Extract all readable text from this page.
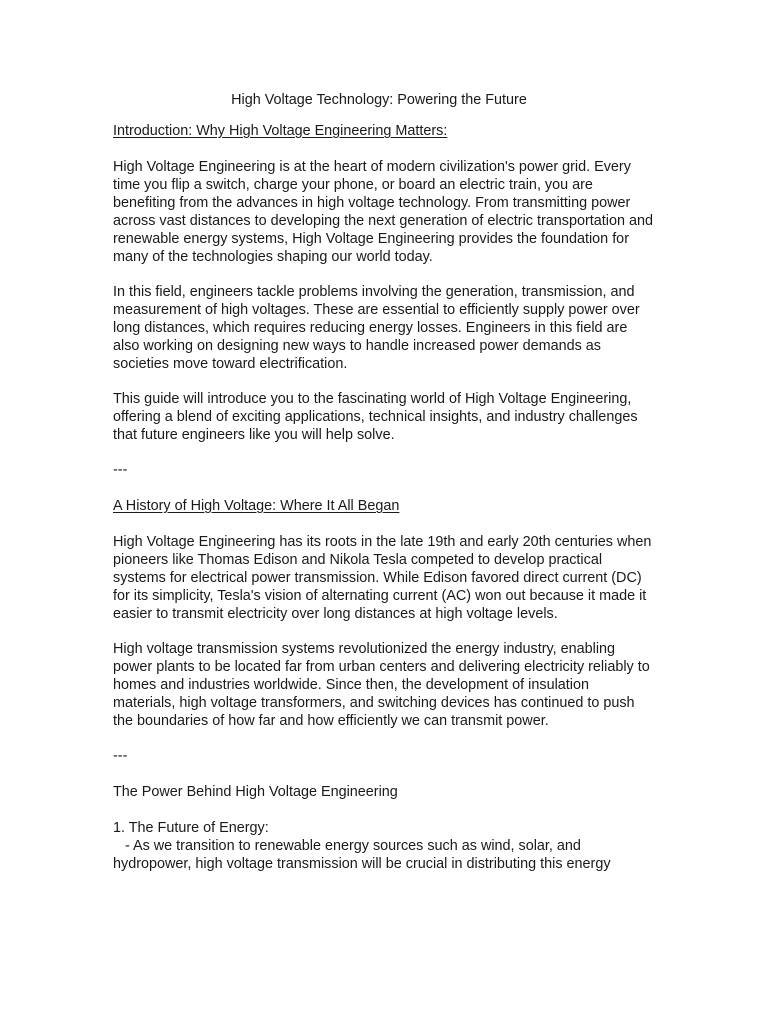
High Voltage Technology: Powering the Future
Introduction: Why High Voltage Engineering Matters:

High Voltage Engineering is at the heart of modern civilization's power grid. Every time you flip a switch, charge your phone, or board an electric train, you are benefiting from the advances in high voltage technology. From transmitting power across vast distances to developing the next generation of electric transportation and renewable energy systems, High Voltage Engineering provides the foundation for many of the technologies shaping our world today.

In this field, engineers tackle problems involving the generation, transmission, and measurement of high voltages. These are essential to efficiently supply power over long distances, which requires reducing energy losses. Engineers in this field are also working on designing new ways to handle increased power demands as societies move toward electrification.

This guide will introduce you to the fascinating world of High Voltage Engineering, offering a blend of exciting applications, technical insights, and industry challenges that future engineers like you will help solve.

---
A History of High Voltage: Where It All Began

High Voltage Engineering has its roots in the late 19th and early 20th centuries when pioneers like Thomas Edison and Nikola Tesla competed to develop practical systems for electrical power transmission. While Edison favored direct current (DC) for its simplicity, Tesla's vision of alternating current (AC) won out because it made it easier to transmit electricity over long distances at high voltage levels.

High voltage transmission systems revolutionized the energy industry, enabling power plants to be located far from urban centers and delivering electricity reliably to homes and industries worldwide. Since then, the development of insulation materials, high voltage transformers, and switching devices has continued to push the boundaries of how far and how efficiently we can transmit power.

---
The Power Behind High Voltage Engineering
1. The Future of Energy:
- As we transition to renewable energy sources such as wind, solar, and
hydropower, high voltage transmission will be crucial in distributing this energy
